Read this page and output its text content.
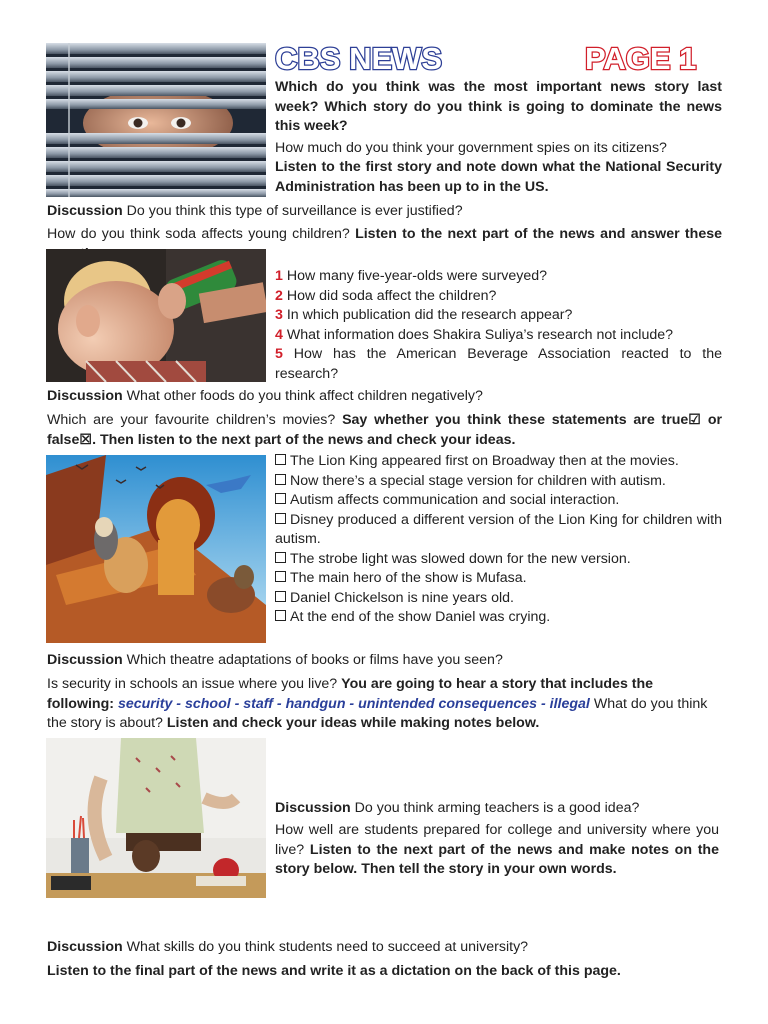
CBS NEWS	PAGE 1

Which do you think was the most important news story last week? Which story do you think is going to dominate the news this week?

How much do you think your government spies on its citizens?

Listen to the first story and note down what the National Security Administration has been up to in the US.

Discussion Do you think this type of surveillance is ever justified?

How do you think soda affects young children? Listen to the next part of the news and answer these

1 How many five-year-olds were surveyed?
2 How did soda affect the children?
3 In which publication did the research appear?
4 What information does Shakira Suliya’s research not include?
5 How has the American Beverage Association reacted to the research?

Discussion What other foods do you think affect children negatively?

Which are your favourite children’s movies? Say whether you think these statements are true☑ or false☒. Then listen to the next part of the news and check your ideas.

The Lion King appeared first on Broadway then at the movies.

Now there’s a special stage version for children with autism.

Autism affects communication and social interaction.

Disney produced a different version of the Lion King for children with autism.

The strobe light was slowed down for the new version.

The main hero of the show is Mufasa.

Daniel Chickelson is nine years old.

At the end of the show Daniel was crying.

Discussion Which theatre adaptations of books or films have you seen?

Is security in schools an issue where you live? You are going to hear a story that includes the following: security - school - staff - handgun - unintended consequences - illegal What do you think the story is about? Listen and check your ideas while making notes below.

Discussion Do you think arming teachers is a good idea?

How well are students prepared for college and university where you live? Listen to the next part of the news and make notes on the story below. Then tell the story in your own words.

Discussion What skills do you think students need to succeed at university?

Listen to the final part of the news and write it as a dictation on the back of this page.
